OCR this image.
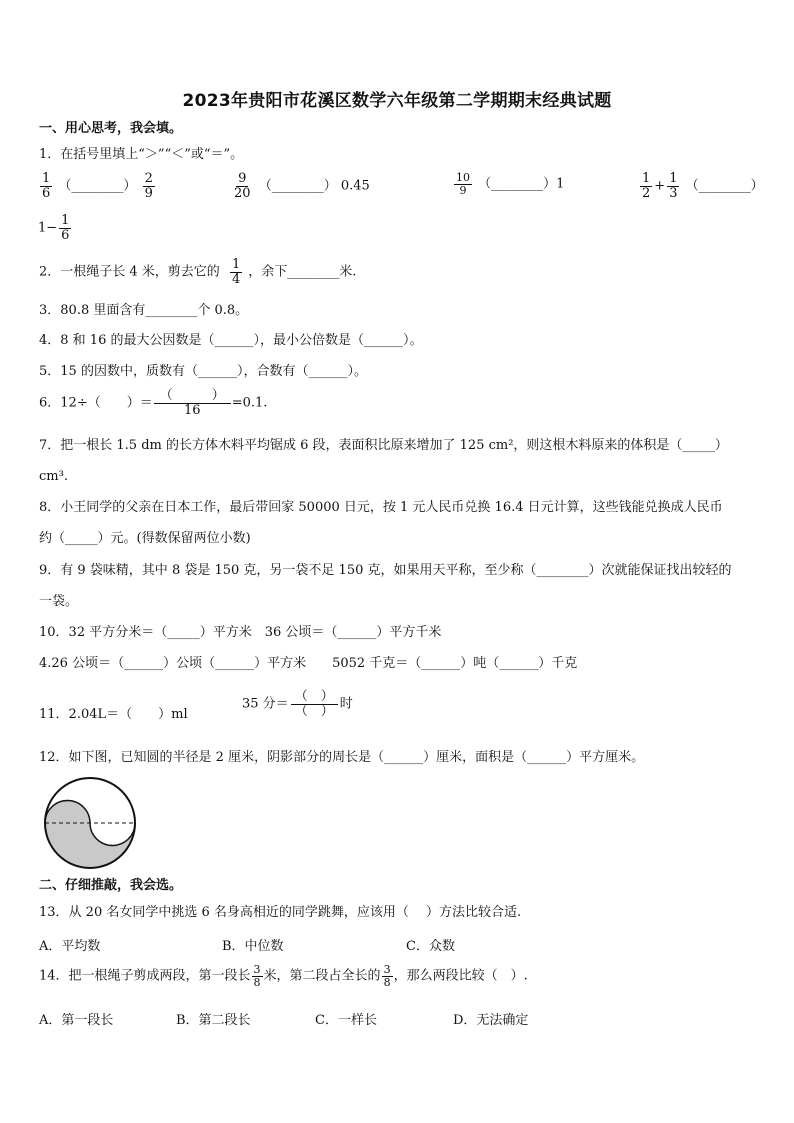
2023年贵阳市花溪区数学六年级第二学期期末经典试题
一、用心思考，我会填。
1．在括号里填上“＞”“＜”或“＝”。
$\frac{1}{6}$ （________） $\frac{2}{9}$	$\frac{9}{20}$ （________） 0.45	$\frac{10}{9}$ （________）1	$\frac{1}{2} + \frac{1}{3}$ （________）
$1- \frac{1}{6}$
2．一根绳子长 4 米，剪去它的 $\frac{1}{4}$ ，余下________米.
3．80.8 里面含有________个 0.8。
4．8 和 16 的最大公因数是（______），最小公倍数是（______）。
5．15 的因数中，质数有（______），合数有（______）。
6．12÷（　　）＝ $\frac{( )}{16} =0.1$.
7．把一根长 1.5 dm 的长方体木料平均锯成 6 段，表面积比原来增加了 125 cm²，则这根木料原来的体积是（_____）
cm³.
8．小王同学的父亲在日本工作，最后带回家 50000 日元，按 1 元人民币兑换 16.4 日元计算，这些钱能兑换成人民币
约（_____）元。(得数保留两位小数)
9．有 9 袋味精，其中 8 袋是 150 克，另一袋不足 150 克，如果用天平称，至少称（________）次就能保证找出较轻的
一袋。
10．32 平方分米＝（_____）平方米　36 公顷＝（______）平方千米
4.26 公顷＝（______）公顷（______）平方米　　5052 千克＝（______）吨（______）千克
11．2.04L＝（　　）ml
35 分＝ $\frac{( )}{( )}$ 时
12．如下图，已知圆的半径是 2 厘米，阴影部分的周长是（______）厘米，面积是（______）平方厘米。
二、仔细推敲，我会选。
13．从 20 名女同学中挑选 6 名身高相近的同学跳舞，应该用（　 ）方法比较合适.
A．平均数	B．中位数	C．众数
14．把一根绳子剪成两段，第一段长 $\frac{3}{8}$ 米，第二段占全长的 $\frac{3}{8}$ ，那么两段比较（　）.
A．第一段长	B．第二段长	C．一样长	D．无法确定
